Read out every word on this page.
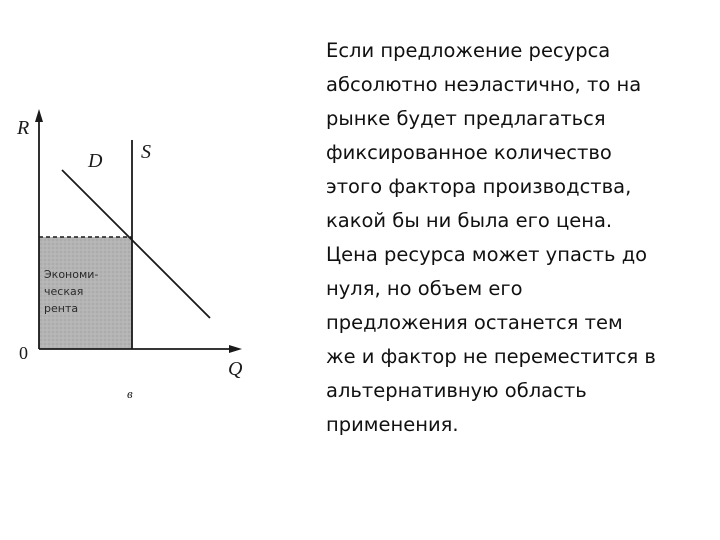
R
Q
0
D S
Экономи-
ческая
рента
в
Если предложение ресурса
абсолютно неэластично, то на
рынке будет предлагаться
фиксированное количество
этого фактора производства,
какой бы ни была его цена.
Цена ресурса может упасть до
нуля, но объем его
предложения останется тем
же и фактор не переместится в
альтернативную область
применения.
